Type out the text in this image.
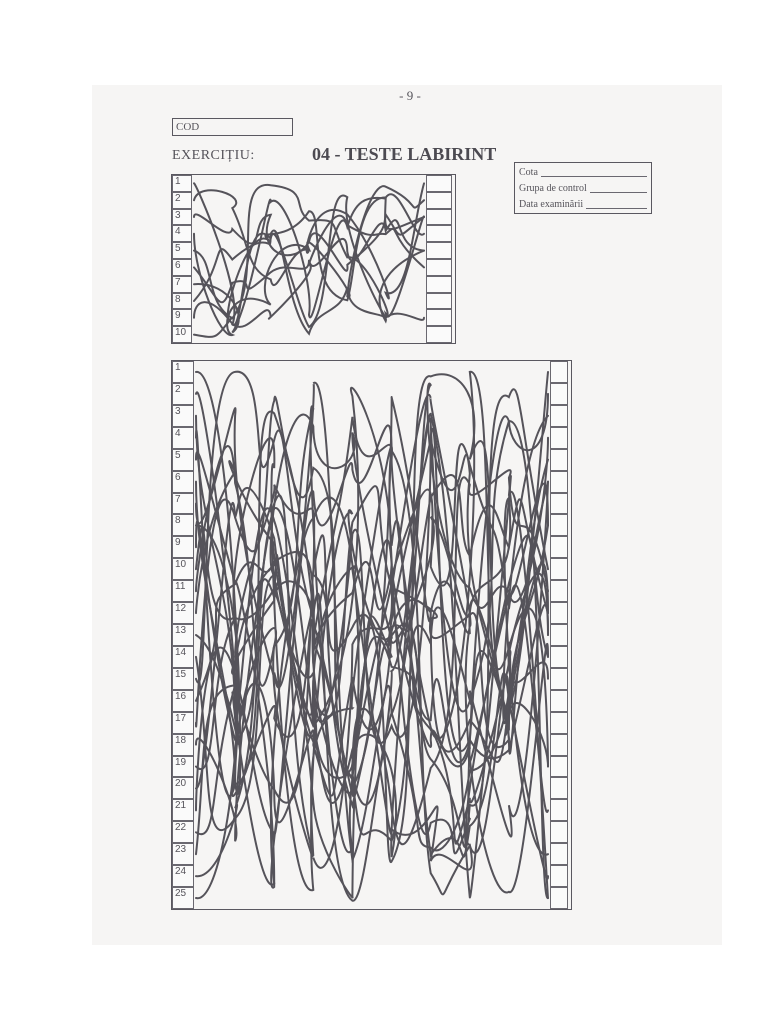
- 9 -
COD
EXERCIȚIU:	04 - TESTE LABIRINT
Cota
Grupa de control
Data examinării
1
2
3
4
5
6
7
8
9
10
1
2
3
4
5
6
7
8
9
10
11
12
13
14
15
16
17
18
19
20
21
22
23
24
25
